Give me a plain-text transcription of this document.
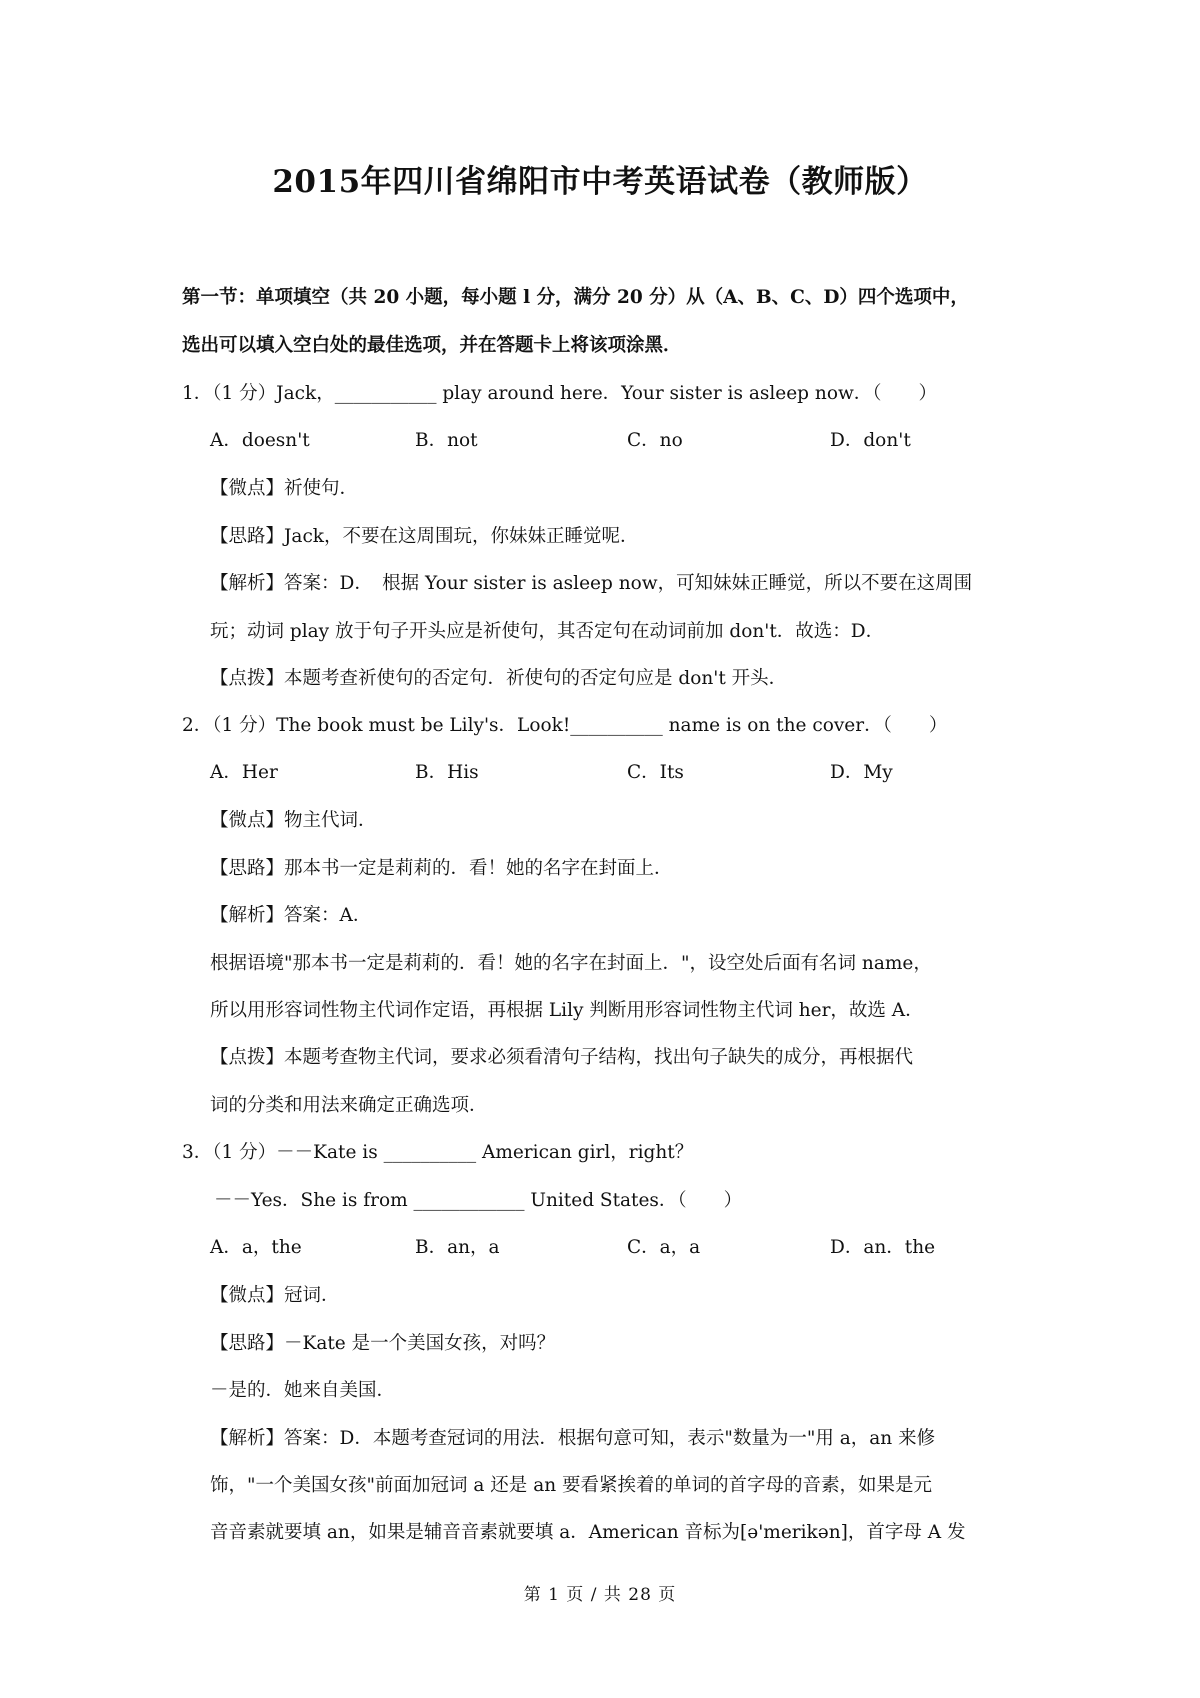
2015年四川省绵阳市中考英语试卷（教师版）
第一节：单项填空（共 20 小题，每小题 l 分，满分 20 分）从（A、B、C、D）四个选项中，
选出可以填入空白处的最佳选项，并在答题卡上将该项涂黑．
1．（1 分）Jack，___________ play around here．Your sister is asleep now．（　　）
A．doesn't	B．not	C．no	D．don't
【微点】祈使句．
【思路】Jack，不要在这周围玩，你妹妹正睡觉呢．
【解析】答案：D．　根据 Your sister is asleep now，可知妹妹正睡觉，所以不要在这周围
玩；动词 play 放于句子开头应是祈使句，其否定句在动词前加 don't．故选：D．
【点拨】本题考查祈使句的否定句．祈使句的否定句应是 don't 开头．
2．（1 分）The book must be Lily's．Look!__________ name is on the cover．（　　）
A．Her	B．His	C．Its	D．My
【微点】物主代词．
【思路】那本书一定是莉莉的．看！她的名字在封面上．
【解析】答案：A．
根据语境"那本书一定是莉莉的．看！她的名字在封面上．"，设空处后面有名词 name，
所以用形容词性物主代词作定语，再根据 Lily 判断用形容词性物主代词 her，故选 A．
【点拨】本题考查物主代词，要求必须看清句子结构，找出句子缺失的成分，再根据代
词的分类和用法来确定正确选项．
3．（1 分）－－Kate is __________ American girl，right？
－－Yes．She is from ____________ United States．（　　）
A．a，the	B．an，a	C．a，a	D．an．the
【微点】冠词．
【思路】－Kate 是一个美国女孩，对吗？
－是的．她来自美国．
【解析】答案：D．本题考查冠词的用法．根据句意可知，表示"数量为一"用 a，an 来修
饰，"一个美国女孩"前面加冠词 a 还是 an 要看紧挨着的单词的首字母的音素，如果是元
音音素就要填 an，如果是辅音音素就要填 a．American 音标为[ə'merikən]，首字母 A 发
第 1 页 / 共 28 页
